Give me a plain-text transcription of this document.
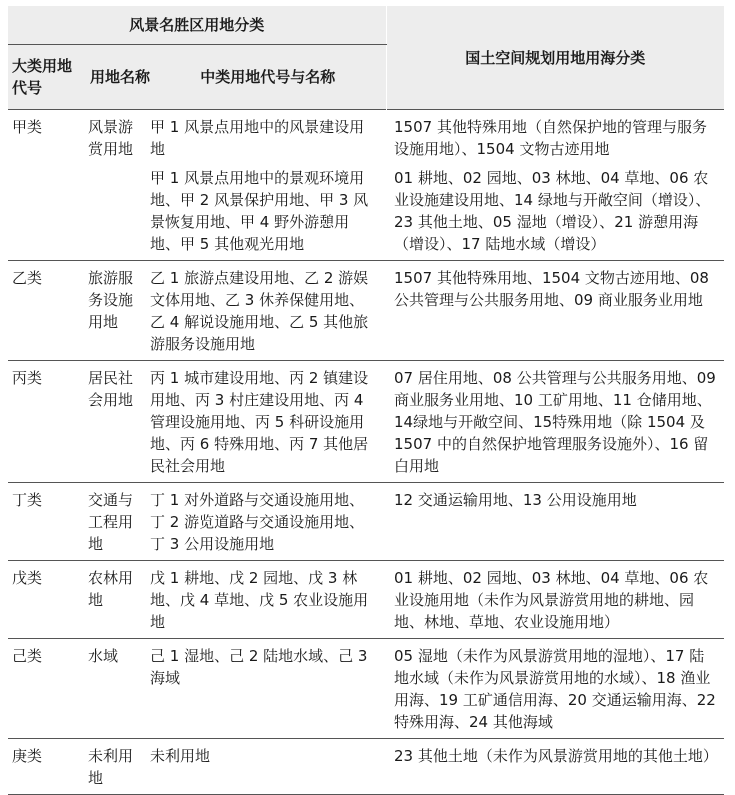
风景名胜区用地分类			国土空间规划用地用海分类
大类用地代号	用地名称	中类用地代号与名称	
甲类	风景游赏用地	甲 1 风景点用地中的风景建设用地	1507 其他特殊用地（自然保护地的管理与服务设施用地）、1504 文物古迹用地
		甲 1 风景点用地中的景观环境用地、甲 2 风景保护用地、甲 3 风景恢复用地、甲 4 野外游憩用地、甲 5 其他观光用地	01 耕地、02 园地、03 林地、04 草地、06 农业设施建设用地、14 绿地与开敞空间（增设）、23 其他土地、05 湿地（增设）、21 游憩用海（增设）、17 陆地水域（增设）
乙类	旅游服务设施用地	乙 1 旅游点建设用地、乙 2 游娱文体用地、乙 3 休养保健用地、乙 4 解说设施用地、乙 5 其他旅游服务设施用地	1507 其他特殊用地、1504 文物古迹用地、08 公共管理与公共服务用地、09 商业服务业用地
丙类	居民社会用地	丙 1 城市建设用地、丙 2 镇建设用地、丙 3 村庄建设用地、丙 4 管理设施用地、丙 5 科研设施用地、丙 6 特殊用地、丙 7 其他居民社会用地	07 居住用地、08 公共管理与公共服务用地、09 商业服务业用地、10 工矿用地、11 仓储用地、14绿地与开敞空间、15特殊用地（除 1504 及 1507 中的自然保护地管理服务设施外）、16 留白用地
丁类	交通与工程用地	丁 1 对外道路与交通设施用地、丁 2 游览道路与交通设施用地、丁 3 公用设施用地	12 交通运输用地、13 公用设施用地
戊类	农林用地	戊 1 耕地、戊 2 园地、戊 3 林地、戊 4 草地、戊 5 农业设施用地	01 耕地、02 园地、03 林地、04 草地、06 农业设施用地（未作为风景游赏用地的耕地、园地、林地、草地、农业设施用地）
己类	水域	己 1 湿地、己 2 陆地水域、己 3 海域	05 湿地（未作为风景游赏用地的湿地）、17 陆地水域（未作为风景游赏用地的水域）、18 渔业用海、19 工矿通信用海、20 交通运输用海、22 特殊用海、24 其他海域
庚类	未利用地	未利用地	23 其他土地（未作为风景游赏用地的其他土地）
